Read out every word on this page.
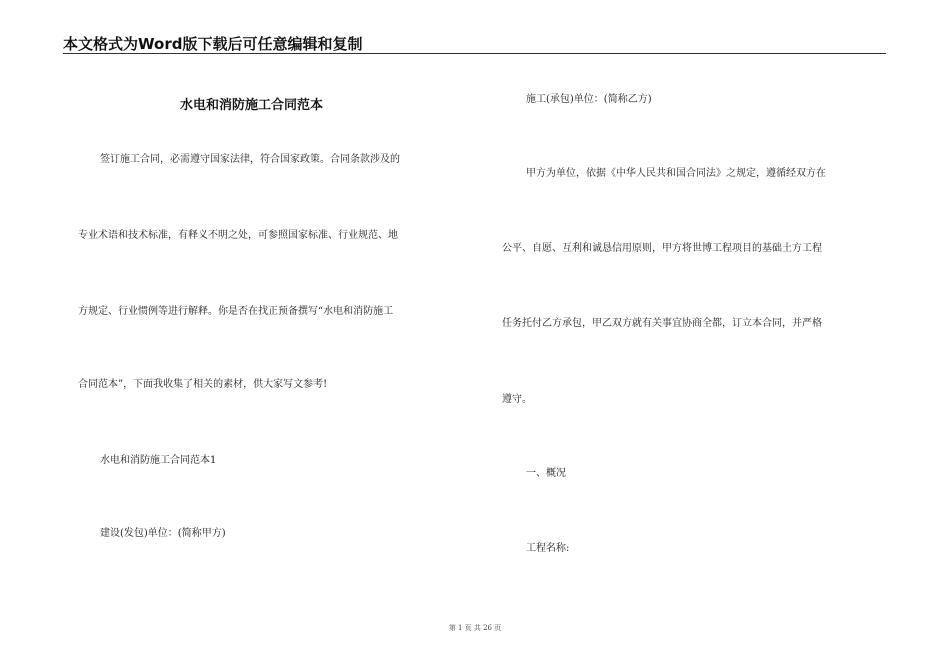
本文格式为Word版下载后可任意编辑和复制
水电和消防施工合同范本
签订施工合同，必需遵守国家法律，符合国家政策。合同条款涉及的
专业术语和技术标准，有释义不明之处，可参照国家标准、行业规范、地
方规定、行业惯例等进行解释。你是否在找正预备撰写“水电和消防施工
合同范本”，下面我收集了相关的素材，供大家写文参考!
水电和消防施工合同范本1
建设(发包)单位：(简称甲方)
施工(承包)单位：(简称乙方)
甲方为单位，依据《中华人民共和国合同法》之规定，遵循经双方在
公平、自愿、互利和诚恳信用原则，甲方将世博工程项目的基础土方工程
任务托付乙方承包，甲乙双方就有关事宜协商全都，订立本合同，并严格
遵守。
一、概况
工程名称:
第 1 页 共 26 页
